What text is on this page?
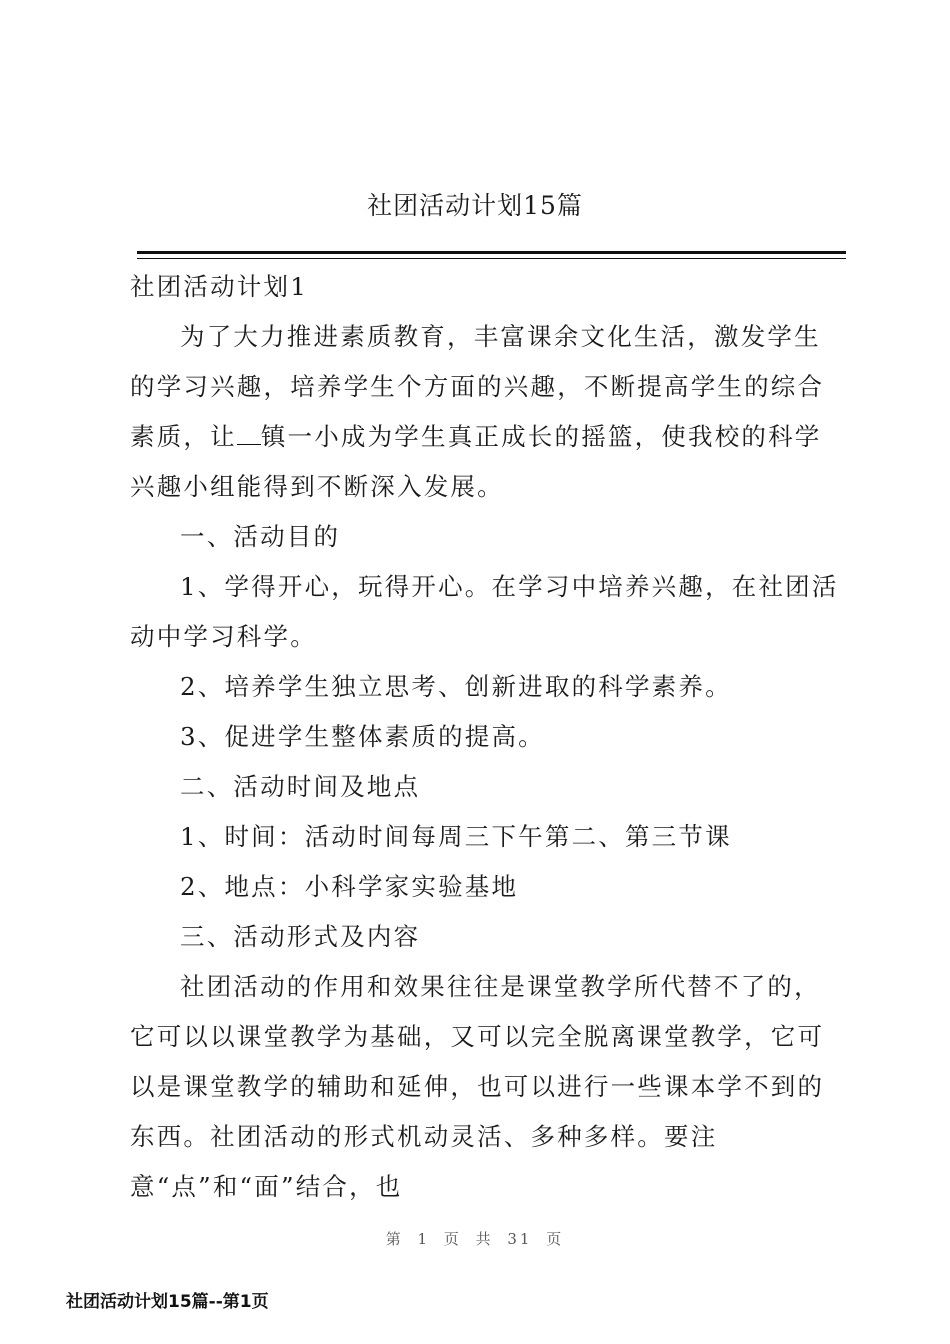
社团活动计划15篇

社团活动计划1

为了大力推进素质教育，丰富课余文化生活，激发学生的学习兴趣，培养学生个方面的兴趣，不断提高学生的综合素质，让 镇一小成为学生真正成长的摇篮，使我校的科学兴趣小组能得到不断深入发展。

一、活动目的

1、学得开心，玩得开心。在学习中培养兴趣，在社团活动中学习科学。

2、培养学生独立思考、创新进取的科学素养。

3、促进学生整体素质的提高。

二、活动时间及地点

1、时间：活动时间每周三下午第二、第三节课

2、地点：小科学家实验基地

三、活动形式及内容

社团活动的作用和效果往往是课堂教学所代替不了的，它可以以课堂教学为基础，又可以完全脱离课堂教学，它可以是课堂教学的辅助和延伸，也可以进行一些课本学不到的东西。社团活动的形式机动灵活、多种多样。要注意“点”和“面”结合，也

第 1 页 共 31 页
社团活动计划15篇--第1页
